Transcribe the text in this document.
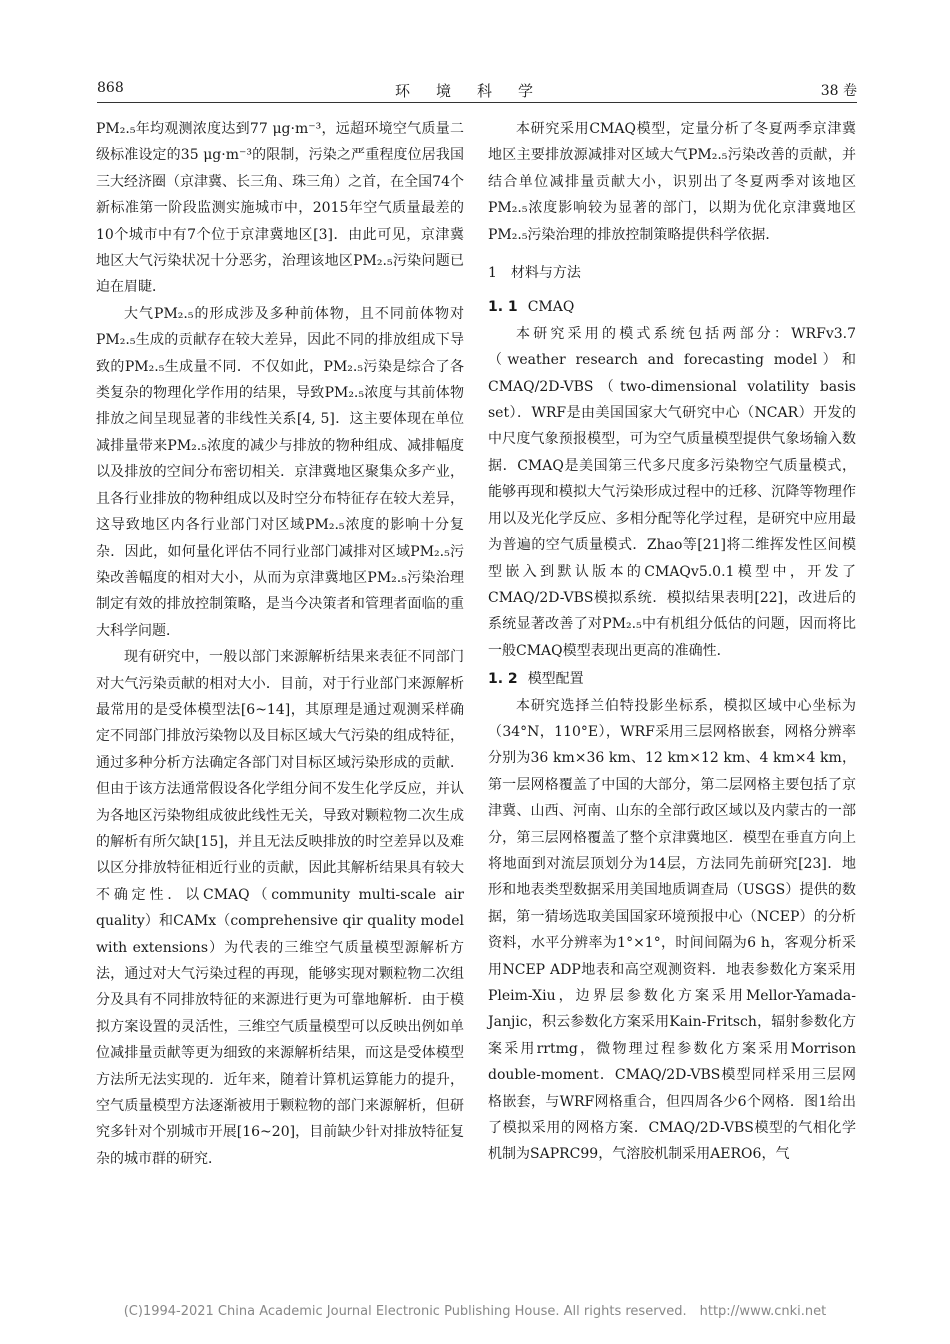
868	环境科学	38 卷

PM₂.₅年均观测浓度达到77 μg·m⁻³，远超环境空气质量二级标准设定的35 μg·m⁻³的限制，污染之严重程度位居我国三大经济圈（京津冀、长三角、珠三角）之首，在全国74个新标准第一阶段监测实施城市中，2015年空气质量最差的10个城市中有7个位于京津冀地区[3]．由此可见，京津冀地区大气污染状况十分恶劣，治理该地区PM₂.₅污染问题已迫在眉睫．

大气PM₂.₅的形成涉及多种前体物，且不同前体物对PM₂.₅生成的贡献存在较大差异，因此不同的排放组成下导致的PM₂.₅生成量不同．不仅如此，PM₂.₅污染是综合了各类复杂的物理化学作用的结果，导致PM₂.₅浓度与其前体物排放之间呈现显著的非线性关系[4, 5]．这主要体现在单位减排量带来PM₂.₅浓度的减少与排放的物种组成、减排幅度以及排放的空间分布密切相关．京津冀地区聚集众多产业，且各行业排放的物种组成以及时空分布特征存在较大差异，这导致地区内各行业部门对区域PM₂.₅浓度的影响十分复杂．因此，如何量化评估不同行业部门减排对区域PM₂.₅污染改善幅度的相对大小，从而为京津冀地区PM₂.₅污染治理制定有效的排放控制策略，是当今决策者和管理者面临的重大科学问题．

现有研究中，一般以部门来源解析结果来表征不同部门对大气污染贡献的相对大小．目前，对于行业部门来源解析最常用的是受体模型法[6~14]，其原理是通过观测采样确定不同部门排放污染物以及目标区域大气污染的组成特征，通过多种分析方法确定各部门对目标区域污染形成的贡献．但由于该方法通常假设各化学组分间不发生化学反应，并认为各地区污染物组成彼此线性无关，导致对颗粒物二次生成的解析有所欠缺[15]，并且无法反映排放的时空差异以及难以区分排放特征相近行业的贡献，因此其解析结果具有较大不确定性．以CMAQ（community multi-scale air quality）和CAMx（comprehensive qir quality model with extensions）为代表的三维空气质量模型源解析方法，通过对大气污染过程的再现，能够实现对颗粒物二次组分及具有不同排放特征的来源进行更为可靠地解析．由于模拟方案设置的灵活性，三维空气质量模型可以反映出例如单位减排量贡献等更为细致的来源解析结果，而这是受体模型方法所无法实现的．近年来，随着计算机运算能力的提升，空气质量模型方法逐渐被用于颗粒物的部门来源解析，但研究多针对个别城市开展[16~20]，目前缺少针对排放特征复杂的城市群的研究．

本研究采用CMAQ模型，定量分析了冬夏两季京津冀地区主要排放源减排对区域大气PM₂.₅污染改善的贡献，并结合单位减排量贡献大小，识别出了冬夏两季对该地区PM₂.₅浓度影响较为显著的部门，以期为优化京津冀地区PM₂.₅污染治理的排放控制策略提供科学依据．

1　材料与方法
1. 1 CMAQ

本研究采用的模式系统包括两部分：WRFv3.7（weather research and forecasting model）和CMAQ/2D-VBS（two-dimensional volatility basis set）．WRF是由美国国家大气研究中心（NCAR）开发的中尺度气象预报模型，可为空气质量模型提供气象场输入数据．CMAQ是美国第三代多尺度多污染物空气质量模式，能够再现和模拟大气污染形成过程中的迁移、沉降等物理作用以及光化学反应、多相分配等化学过程，是研究中应用最为普遍的空气质量模式．Zhao等[21]将二维挥发性区间模型嵌入到默认版本的CMAQv5.0.1模型中，开发了CMAQ/2D-VBS模拟系统．模拟结果表明[22]，改进后的系统显著改善了对PM₂.₅中有机组分低估的问题，因而将比一般CMAQ模型表现出更高的准确性．

1. 2 模型配置

本研究选择兰伯特投影坐标系，模拟区域中心坐标为（34°N，110°E），WRF采用三层网格嵌套，网格分辨率分别为36 km×36 km、12 km×12 km、4 km×4 km，第一层网格覆盖了中国的大部分，第二层网格主要包括了京津冀、山西、河南、山东的全部行政区域以及内蒙古的一部分，第三层网格覆盖了整个京津冀地区．模型在垂直方向上将地面到对流层顶划分为14层，方法同先前研究[23]．地形和地表类型数据采用美国地质调查局（USGS）提供的数据，第一猜场选取美国国家环境预报中心（NCEP）的分析资料，水平分辨率为1°×1°，时间间隔为6 h，客观分析采用NCEP ADP地表和高空观测资料．地表参数化方案采用Pleim-Xiu，边界层参数化方案采用Mellor-Yamada-Janjic，积云参数化方案采用Kain-Fritsch，辐射参数化方案采用rrtmg，微物理过程参数化方案采用Morrison double-moment．CMAQ/2D-VBS模型同样采用三层网格嵌套，与WRF网格重合，但四周各少6个网格．图1给出了模拟采用的网格方案．CMAQ/2D-VBS模型的气相化学机制为SAPRC99，气溶胶机制采用AERO6，气

(C)1994-2021 China Academic Journal Electronic Publishing House. All rights reserved.　http://www.cnki.net
